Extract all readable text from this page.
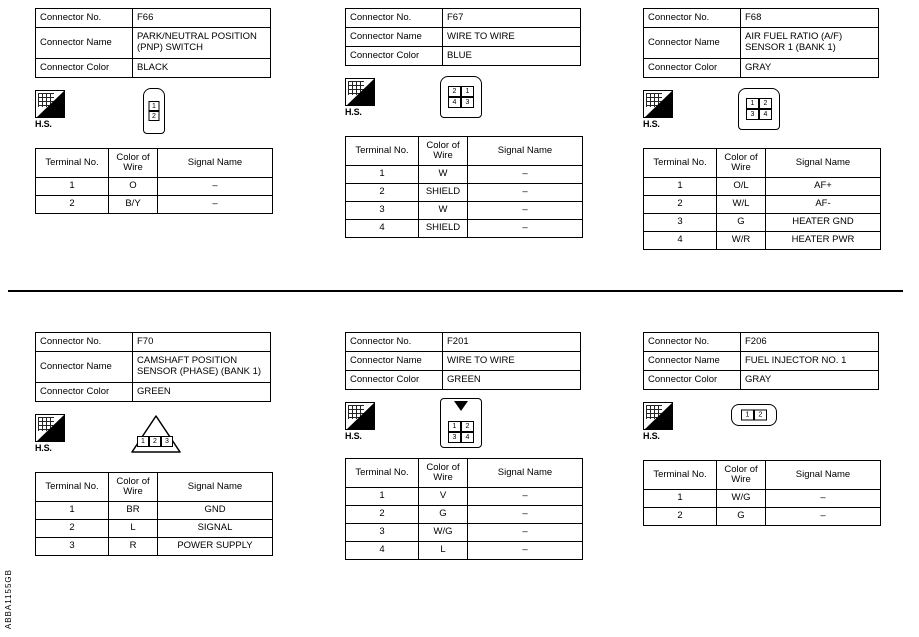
Connector No.	F66
Connector Name	PARK/NEUTRAL POSITION (PNP) SWITCH
Connector Color	BLACK
H.S.
1
2
Terminal No.	Color of Wire	Signal Name
1	O	–
2	B/Y	–
Connector No.	F67
Connector Name	WIRE TO WIRE
Connector Color	BLUE
H.S.
2	1
4	3
Terminal No.	Color of Wire	Signal Name
1	W	–
2	SHIELD	–
3	W	–
4	SHIELD	–
Connector No.	F68
Connector Name	AIR FUEL RATIO (A/F) SENSOR 1 (BANK 1)
Connector Color	GRAY
H.S.
1	2
3	4
Terminal No.	Color of Wire	Signal Name
1	O/L	AF+
2	W/L	AF-
3	G	HEATER GND
4	W/R	HEATER PWR
Connector No.	F70
Connector Name	CAMSHAFT POSITION SENSOR (PHASE) (BANK 1)
Connector Color	GREEN
H.S.
1	2	3
Terminal No.	Color of Wire	Signal Name
1	BR	GND
2	L	SIGNAL
3	R	POWER SUPPLY
Connector No.	F201
Connector Name	WIRE TO WIRE
Connector Color	GREEN
H.S.
1	2
3	4
Terminal No.	Color of Wire	Signal Name
1	V	–
2	G	–
3	W/G	–
4	L	–
Connector No.	F206
Connector Name	FUEL INJECTOR NO. 1
Connector Color	GRAY
H.S.
1	2
Terminal No.	Color of Wire	Signal Name
1	W/G	–
2	G	–
ABBA1155GB
